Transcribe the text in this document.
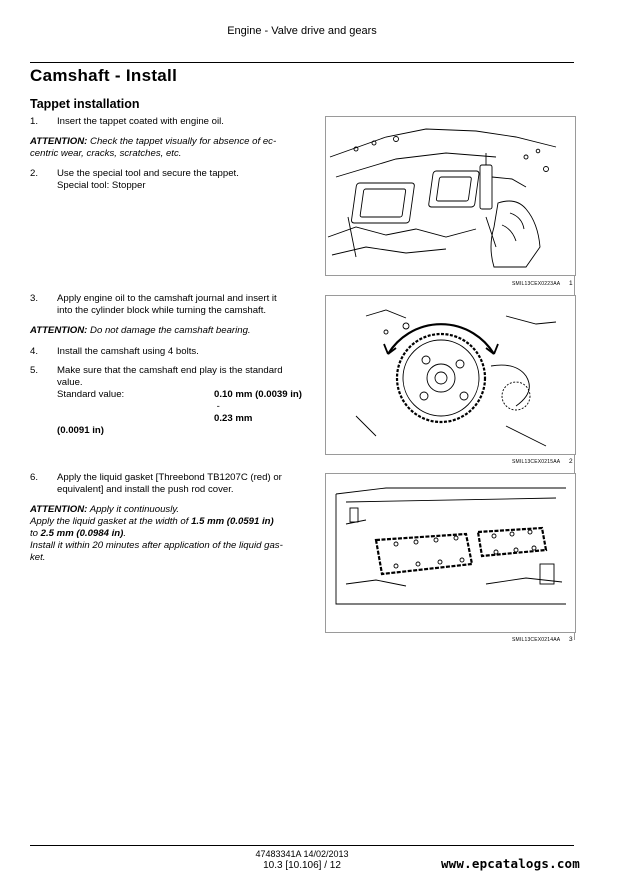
Engine - Valve drive and gears
Camshaft - Install
Tappet installation
1. Insert the tappet coated with engine oil.
ATTENTION: Check the tappet visually for absence of ec-
centric wear, cracks, scratches, etc.
2. Use the special tool and secure the tappet.
Special tool: Stopper
3. Apply engine oil to the camshaft journal and insert it
into the cylinder block while turning the camshaft.
ATTENTION: Do not damage the camshaft bearing.
4. Install the camshaft using 4 bolts.
5. Make sure that the camshaft end play is the standard
value.
Standard value:	0.10 mm (0.0039 in)
-
0.23 mm
(0.0091 in)
6. Apply the liquid gasket [Threebond TB1207C (red) or
equivalent] and install the push rod cover.
ATTENTION: Apply it continuously.
Apply the liquid gasket at the width of 1.5 mm (0.0591 in)
to 2.5 mm (0.0984 in).
Install it within 20 minutes after application of the liquid gas-
ket.
SMIL13CEX0223AA 1
SMIL13CEX0215AA 2
SMIL13CEX0214AA 3
47483341A 14/02/2013
10.3 [10.106] / 12	www.epcatalogs.com
